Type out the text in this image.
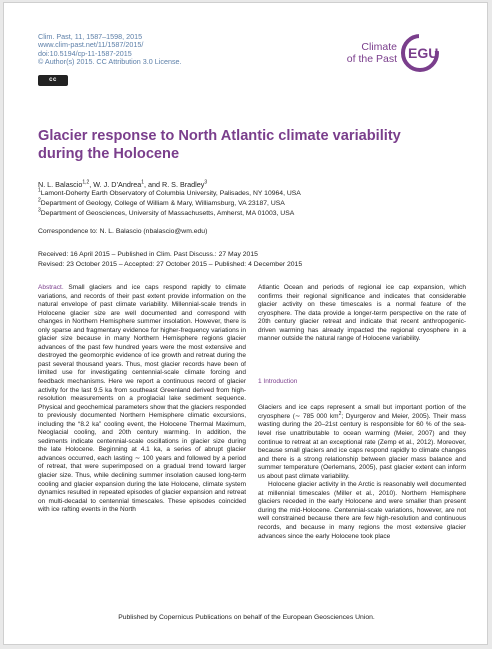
Clim. Past, 11, 1587–1598, 2015
www.clim-past.net/11/1587/2015/
doi:10.5194/cp-11-1587-2015
© Author(s) 2015. CC Attribution 3.0 License.
cc
Climate
of the Past EGU
Glacier response to North Atlantic climate variability during the Holocene
N. L. Balascio$^{1,2}$, W. J. D’Andrea$^1$, and R. S. Bradley$^3$
$^1$Lamont-Doherty Earth Observatory of Columbia University, Palisades, NY 10964, USA
$^2$Department of Geology, College of William & Mary, Williamsburg, VA 23187, USA
$^3$Department of Geosciences, University of Massachusetts, Amherst, MA 01003, USA
Correspondence to: N. L. Balascio (nbalascio@wm.edu)
Received: 16 April 2015 – Published in Clim. Past Discuss.: 27 May 2015
Revised: 23 October 2015 – Accepted: 27 October 2015 – Published: 4 December 2015

Abstract. Small glaciers and ice caps respond rapidly to climate variations, and records of their past extent provide information on the natural envelope of past climate variability. Millennial-scale trends in Holocene glacier size are well documented and correspond with changes in Northern Hemisphere summer insolation. However, there is only sparse and fragmentary evidence for higher-frequency variations in glacier size because in many Northern Hemisphere regions glacier advances of the past few hundred years were the most extensive and destroyed the geomorphic evidence of ice growth and retreat during the past several thousand years. Thus, most glacier records have been of limited use for investigating centennial-scale climate forcing and feedback mechanisms. Here we report a continuous record of glacier activity for the last 9.5 ka from southeast Greenland derived from high-resolution measurements on a proglacial lake sediment sequence. Physical and geochemical parameters show that the glaciers responded to previously documented Northern Hemisphere climatic excursions, including the “8.2 ka” cooling event, the Holocene Thermal Maximum, Neoglacial cooling, and 20th century warming. In addition, the sediments indicate centennial-scale oscillations in glacier size during the late Holocene. Beginning at 4.1 ka, a series of abrupt glacier advances occurred, each lasting ∼ 100 years and followed by a period of retreat, that were superimposed on a gradual trend toward larger glacier size. Thus, while declining summer insolation caused long-term cooling and glacier expansion during the late Holocene, climate system dynamics resulted in repeated episodes of glacier expansion and retreat on multi-decadal to centennial timescales. These episodes coincided with ice rafting events in the North

Atlantic Ocean and periods of regional ice cap expansion, which confirms their regional significance and indicates that considerable glacier activity on these timescales is a normal feature of the cryosphere. The data provide a longer-term perspective on the rate of 20th century glacier retreat and indicate that recent anthropogenic-driven warming has already impacted the regional cryosphere in a manner outside the natural range of Holocene variability.

1 Introduction

Glaciers and ice caps represent a small but important portion of the cryosphere (∼ 785 000 $km^2$; Dyurgerov and Meier, 2005). Their mass wasting during the 20–21st century is responsible for 60 % of the sea-level rise unattributable to ocean warming (Meier, 2007) and they continue to retreat at an exceptional rate (Zemp et al., 2012). Moreover, because small glaciers and ice caps respond rapidly to climate changes and there is a strong relationship between glacier mass balance and summer temperature (Oerlemans, 2005), past glacier extent can inform us about past climate variability.

Holocene glacier activity in the Arctic is reasonably well documented at millennial timescales (Miller et al., 2010). Northern Hemisphere glaciers receded in the early Holocene and were smaller than present during the mid-Holocene. Centennial-scale variations, however, are not well constrained because there are few high-resolution and continuous records, and because in many regions the most extensive glacier advances since the early Holocene took place

Published by Copernicus Publications on behalf of the European Geosciences Union.
